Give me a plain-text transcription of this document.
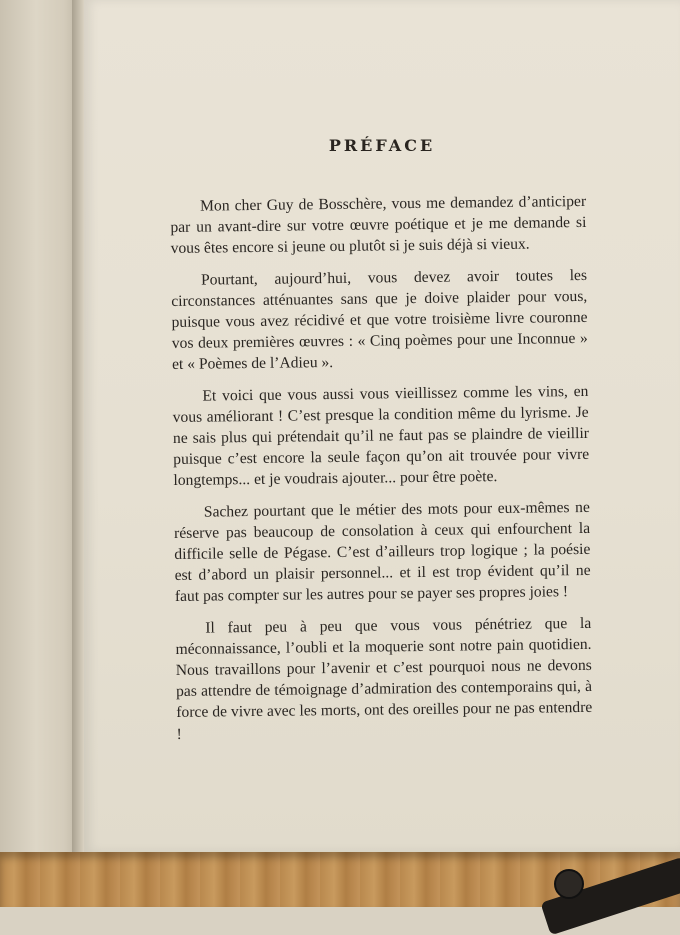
PRÉFACE

Mon cher Guy de Bosschère, vous me demandez d’anticiper par un avant-dire sur votre œuvre poétique et je me demande si vous êtes encore si jeune ou plutôt si je suis déjà si vieux.

Pourtant, aujourd’hui, vous devez avoir toutes les circonstances atténuantes sans que je doive plaider pour vous, puisque vous avez récidivé et que votre troisième livre couronne vos deux premières œuvres : « Cinq poèmes pour une Inconnue » et « Poèmes de l’Adieu ».

Et voici que vous aussi vous vieillissez comme les vins, en vous améliorant ! C’est presque la condition même du lyrisme. Je ne sais plus qui prétendait qu’il ne faut pas se plaindre de vieillir puisque c’est encore la seule façon qu’on ait trouvée pour vivre longtemps... et je voudrais ajouter... pour être poète.

Sachez pourtant que le métier des mots pour eux-mêmes ne réserve pas beaucoup de consolation à ceux qui enfourchent la difficile selle de Pégase. C’est d’ailleurs trop logique ; la poésie est d’abord un plaisir personnel... et il est trop évident qu’il ne faut pas compter sur les autres pour se payer ses propres joies !

Il faut peu à peu que vous vous pénétriez que la méconnaissance, l’oubli et la moquerie sont notre pain quotidien. Nous travaillons pour l’avenir et c’est pourquoi nous ne devons pas attendre de témoignage d’admiration des contemporains qui, à force de vivre avec les morts, ont des oreilles pour ne pas entendre !
